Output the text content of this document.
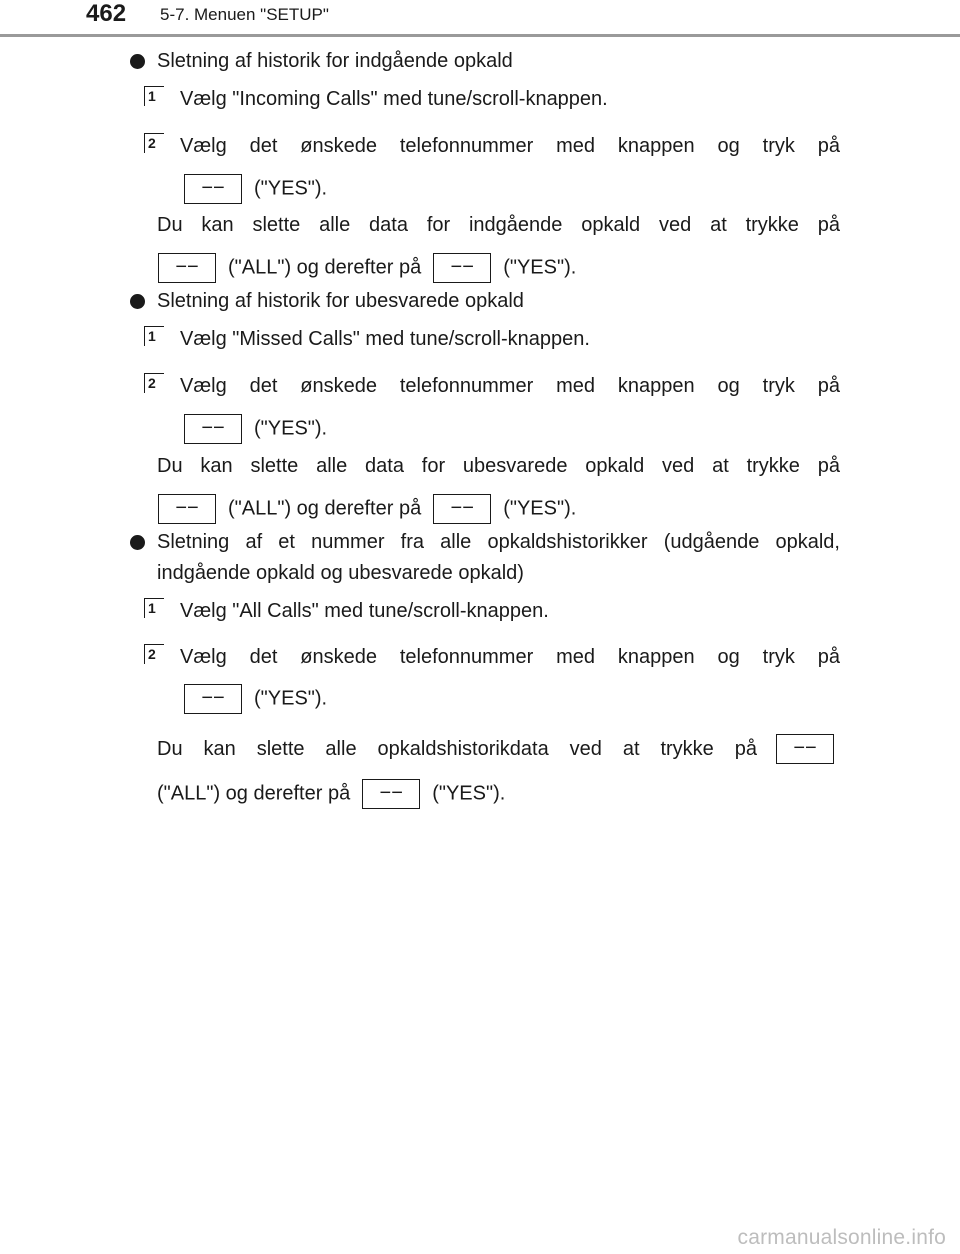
462 5-7. Menuen "SETUP"
Sletning af historik for indgående opkald
1	Vælg "Incoming Calls" med tune/scroll-knappen.
2	Vælg det ønskede telefonnummer med knappen og tryk på
−− ("YES").
Du kan slette alle data for indgående opkald ved at trykke på
−− ("ALL") og derefter på −− ("YES").
Sletning af historik for ubesvarede opkald
1	Vælg "Missed Calls" med tune/scroll-knappen.
2	Vælg det ønskede telefonnummer med knappen og tryk på
−− ("YES").
Du kan slette alle data for ubesvarede opkald ved at trykke på
−− ("ALL") og derefter på −− ("YES").
Sletning af et nummer fra alle opkaldshistorikker (udgående opkald,
indgående opkald og ubesvarede opkald)
1	Vælg "All Calls" med tune/scroll-knappen.
2	Vælg det ønskede telefonnummer med knappen og tryk på
−− ("YES").
Du kan slette alle opkaldshistorikdata ved at trykke på	−−
("ALL") og derefter på −− ("YES").
carmanualsonline.info
